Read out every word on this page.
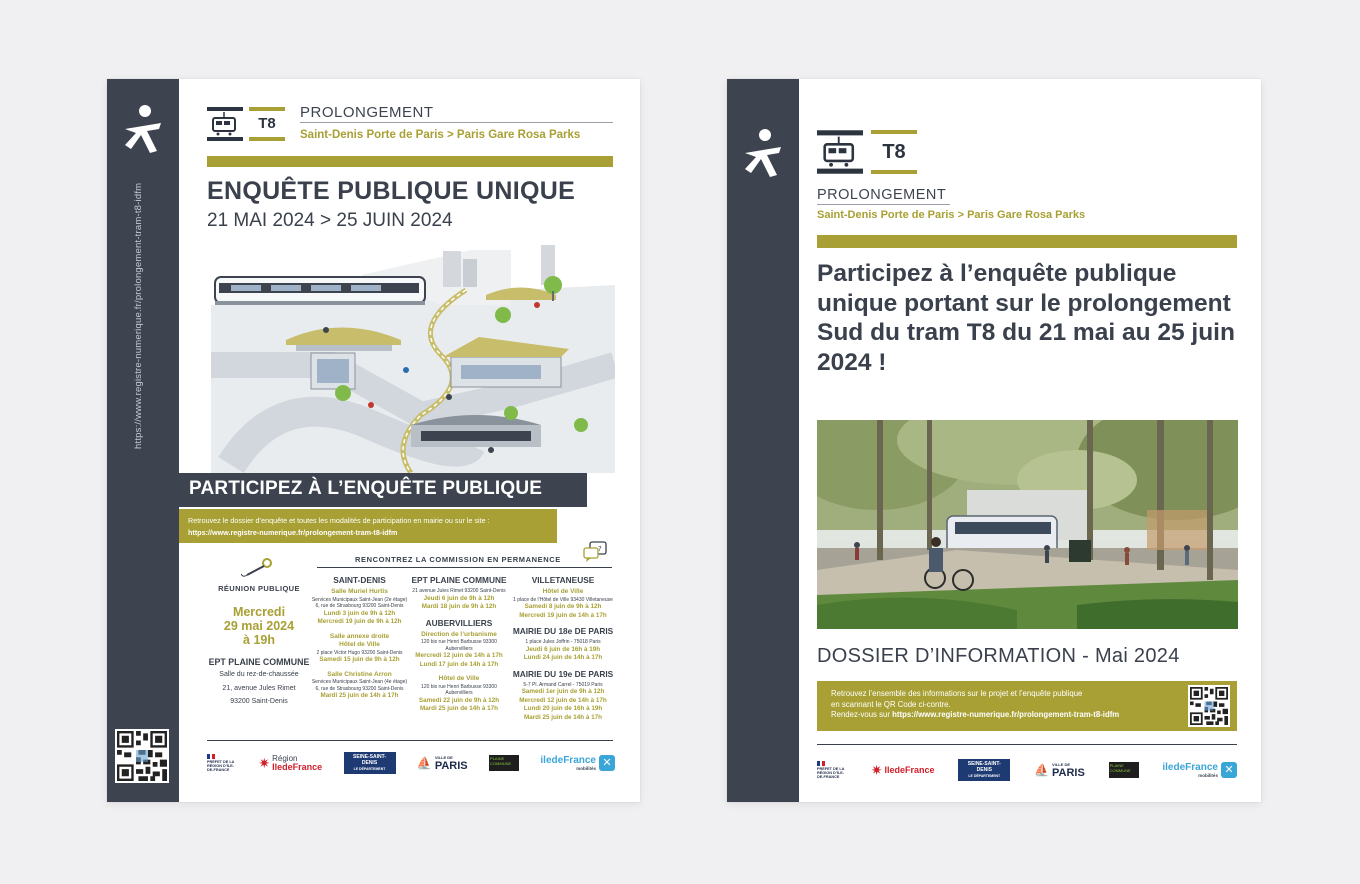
https://www.registre-numerique.fr/prolongement-tram-t8-idfm
T8
PROLONGEMENT
Saint-Denis Porte de Paris > Paris Gare Rosa Parks
ENQUÊTE PUBLIQUE UNIQUE
21 MAI 2024 > 25 JUIN 2024
PARTICIPEZ À L’ENQUÊTE PUBLIQUE
Retrouvez le dossier d’enquête et toutes les modalités de participation en mairie ou sur le site :
https://www.registre-numerique.fr/prolongement-tram-t8-idfm
RENCONTREZ LA COMMISSION EN PERMANENCE
?
RÉUNION PUBLIQUE
Mercredi
29 mai 2024
à 19h
EPT PLAINE COMMUNE
Salle du rez-de-chaussée
21, avenue Jules Rimet
93200 Saint-Denis
SAINT-DENIS
Salle Muriel Hurtis
Services Municipaux Saint-Jean (2e étage) 6, rue de Strasbourg 93200 Saint-Denis
Lundi 3 juin de 9h à 12h
Mercredi 19 juin de 9h à 12h
Salle annexe droite
Hôtel de Ville
2 place Victor Hugo 93200 Saint-Denis
Samedi 15 juin de 9h à 12h
Salle Christine Arron
Services Municipaux Saint-Jean (4e étage) 6, rue de Strasbourg 93200 Saint-Denis
Mardi 25 juin de 14h à 17h
EPT PLAINE COMMUNE
21 avenue Jules Rimet 93200 Saint-Denis
Jeudi 6 juin de 9h à 12h
Mardi 18 juin de 9h à 12h
AUBERVILLIERS
Direction de l’urbanisme
120 bis rue Henri Barbusse 93300 Aubervilliers
Mercredi 12 juin de 14h à 17h
Lundi 17 juin de 14h à 17h
Hôtel de Ville
120 bis rue Henri Barbusse 93300 Aubervilliers
Samedi 22 juin de 9h à 12h
Mardi 25 juin de 14h à 17h
VILLETANEUSE
Hôtel de Ville
1 place de l’Hôtel de Ville 93430 Villetaneuse
Samedi 8 juin de 9h à 12h
Mercredi 19 juin de 14h à 17h
MAIRIE DU 18e DE PARIS
1 place Jules Joffrin - 75018 Paris
Jeudi 6 juin de 16h à 19h
Lundi 24 juin de 14h à 17h
MAIRIE DU 19e DE PARIS
5-7 Pl. Armand Carrel - 75019 Paris
Samedi 1er juin de 9h à 12h
Mercredi 12 juin de 14h à 17h
Lundi 20 juin de 16h à 19h
Mardi 25 juin de 14h à 17h
PRÉFET DE LA RÉGION D’ÎLE-DE-FRANCE	✷ Région
IledeFrance
SEINE-SAINT-DENIS
LE DÉPARTEMENT	⛵ VILLE DE
PARIS
PLAINE COMMUNE	iledeFrance
mobilités ✕
T8
PROLONGEMENT
Saint-Denis Porte de Paris > Paris Gare Rosa Parks
Participez à l’enquête publique unique portant sur le prolongement Sud du tram T8 du 21 mai au 25 juin 2024 !
DOSSIER D’INFORMATION - Mai 2024
Retrouvez l’ensemble des informations sur le projet et l’enquête publique
en scannant le QR Code ci-contre.
Rendez-vous sur https://www.registre-numerique.fr/prolongement-tram-t8-idfm
PRÉFET DE LA RÉGION D’ÎLE-DE-FRANCE	✷ IledeFrance
SEINE-SAINT-DENIS
LE DÉPARTEMENT	⛵ VILLE DE
PARIS
PLAINE COMMUNE	iledeFrance
mobilités ✕
